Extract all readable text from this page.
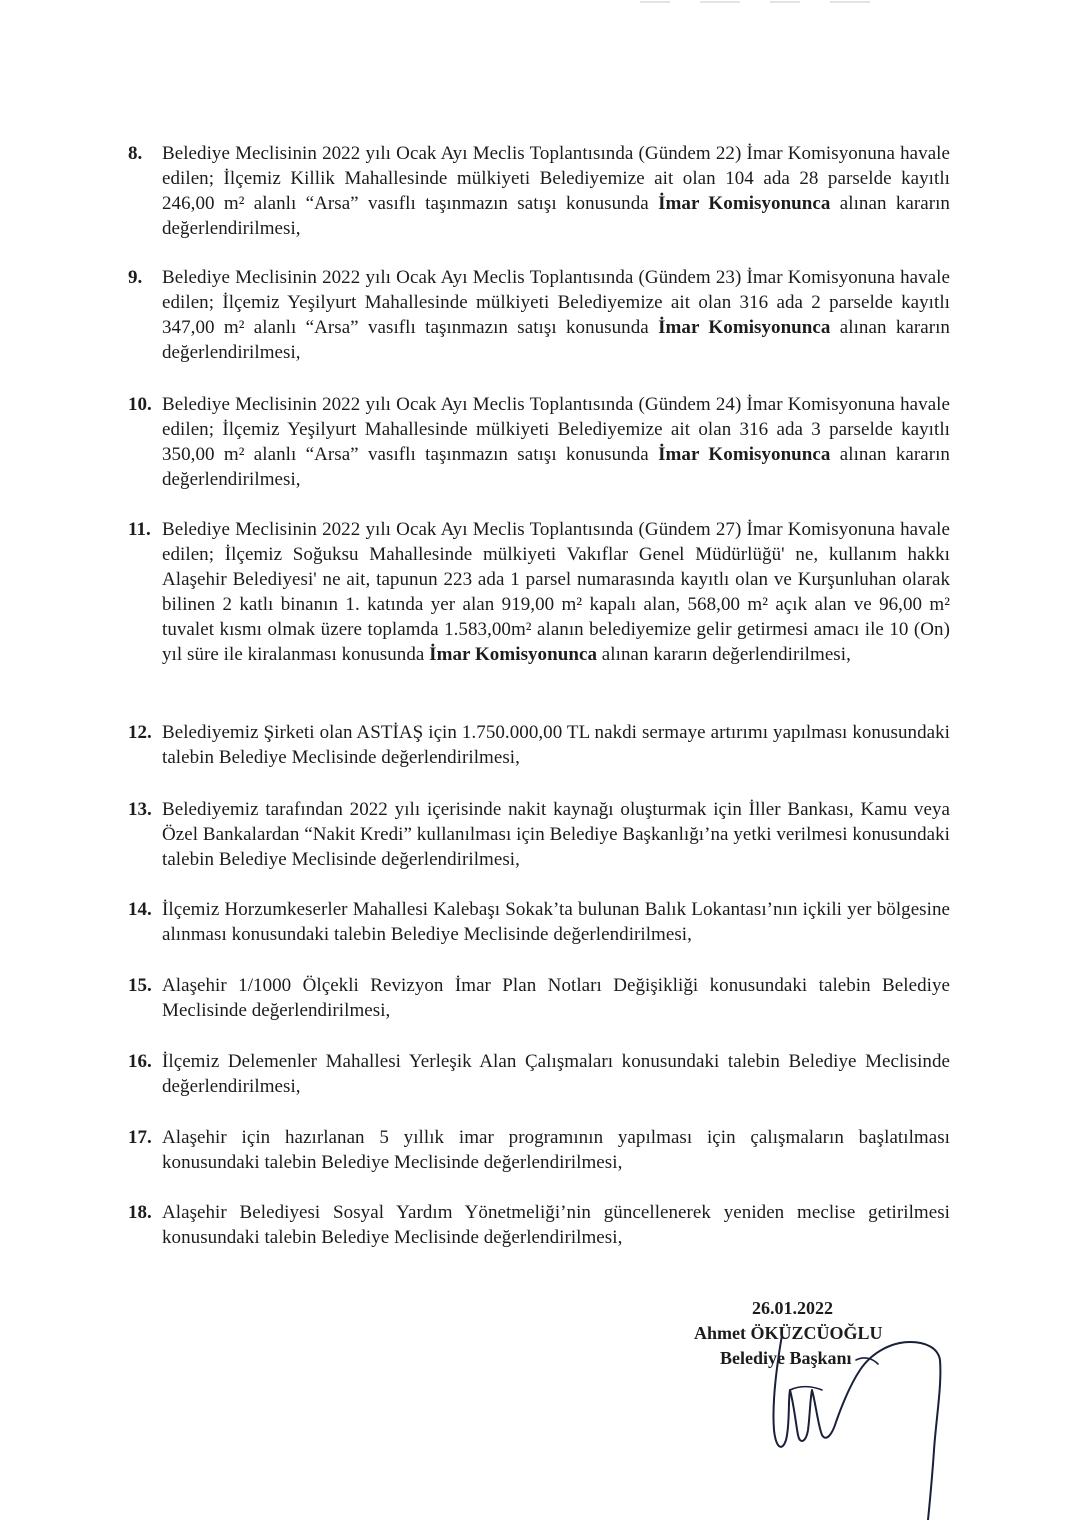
8. Belediye Meclisinin 2022 yılı Ocak Ayı Meclis Toplantısında (Gündem 22) İmar Komisyonuna havale edilen; İlçemiz Killik Mahallesinde mülkiyeti Belediyemize ait olan 104 ada 28 parselde kayıtlı 246,00 m² alanlı “Arsa” vasıflı taşınmazın satışı konusunda İmar Komisyonunca alınan kararın değerlendirilmesi,
9. Belediye Meclisinin 2022 yılı Ocak Ayı Meclis Toplantısında (Gündem 23) İmar Komisyonuna havale edilen; İlçemiz Yeşilyurt Mahallesinde mülkiyeti Belediyemize ait olan 316 ada 2 parselde kayıtlı 347,00 m² alanlı “Arsa” vasıflı taşınmazın satışı konusunda İmar Komisyonunca alınan kararın değerlendirilmesi,
10. Belediye Meclisinin 2022 yılı Ocak Ayı Meclis Toplantısında (Gündem 24) İmar Komisyonuna havale edilen; İlçemiz Yeşilyurt Mahallesinde mülkiyeti Belediyemize ait olan 316 ada 3 parselde kayıtlı 350,00 m² alanlı “Arsa” vasıflı taşınmazın satışı konusunda İmar Komisyonunca alınan kararın değerlendirilmesi,
11. Belediye Meclisinin 2022 yılı Ocak Ayı Meclis Toplantısında (Gündem 27) İmar Komisyonuna havale edilen; İlçemiz Soğuksu Mahallesinde mülkiyeti Vakıflar Genel Müdürlüğü' ne, kullanım hakkı Alaşehir Belediyesi' ne ait, tapunun 223 ada 1 parsel numarasında kayıtlı olan ve Kurşunluhan olarak bilinen 2 katlı binanın 1. katında yer alan 919,00 m² kapalı alan, 568,00 m² açık alan ve 96,00 m² tuvalet kısmı olmak üzere toplamda 1.583,00m² alanın belediyemize gelir getirmesi amacı ile 10 (On) yıl süre ile kiralanması konusunda İmar Komisyonunca alınan kararın değerlendirilmesi,
12. Belediyemiz Şirketi olan ASTİAŞ için 1.750.000,00 TL nakdi sermaye artırımı yapılması konusundaki talebin Belediye Meclisinde değerlendirilmesi,
13. Belediyemiz tarafından 2022 yılı içerisinde nakit kaynağı oluşturmak için İller Bankası, Kamu veya Özel Bankalardan “Nakit Kredi” kullanılması için Belediye Başkanlığı’na yetki verilmesi konusundaki talebin Belediye Meclisinde değerlendirilmesi,
14. İlçemiz Horzumkeserler Mahallesi Kalebaşı Sokak’ta bulunan Balık Lokantası’nın içkili yer bölgesine alınması konusundaki talebin Belediye Meclisinde değerlendirilmesi,
15. Alaşehir 1/1000 Ölçekli Revizyon İmar Plan Notları Değişikliği konusundaki talebin Belediye Meclisinde değerlendirilmesi,
16. İlçemiz Delemenler Mahallesi Yerleşik Alan Çalışmaları konusundaki talebin Belediye Meclisinde değerlendirilmesi,
17. Alaşehir için hazırlanan 5 yıllık imar programının yapılması için çalışmaların başlatılması konusundaki talebin Belediye Meclisinde değerlendirilmesi,
18. Alaşehir Belediyesi Sosyal Yardım Yönetmeliği’nin güncellenerek yeniden meclise getirilmesi konusundaki talebin Belediye Meclisinde değerlendirilmesi,
26.01.2022
Ahmet ÖKÜZCÜOĞLU
Belediye Başkanı
